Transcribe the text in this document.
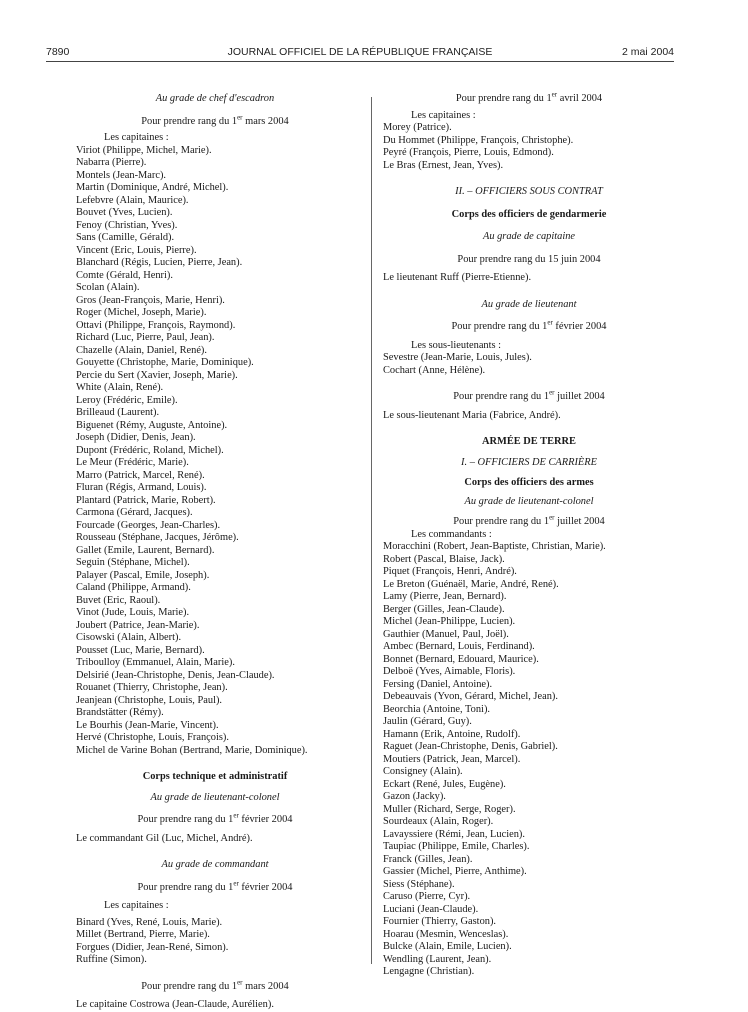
7890	JOURNAL OFFICIEL DE LA RÉPUBLIQUE FRANÇAISE	2 mai 2004
Au grade de chef d'escadron
Pour prendre rang du 1er mars 2004
Les capitaines :
Viriot (Philippe, Michel, Marie).
Nabarra (Pierre).
Montels (Jean-Marc).
Martin (Dominique, André, Michel).
Lefebvre (Alain, Maurice).
Bouvet (Yves, Lucien).
Fenoy (Christian, Yves).
Sans (Camille, Gérald).
Vincent (Eric, Louis, Pierre).
Blanchard (Régis, Lucien, Pierre, Jean).
Comte (Gérald, Henri).
Scolan (Alain).
Gros (Jean-François, Marie, Henri).
Roger (Michel, Joseph, Marie).
Ottavi (Philippe, François, Raymond).
Richard (Luc, Pierre, Paul, Jean).
Chazelle (Alain, Daniel, René).
Gouyette (Christophe, Marie, Dominique).
Percie du Sert (Xavier, Joseph, Marie).
White (Alain, René).
Leroy (Frédéric, Emile).
Brilleaud (Laurent).
Biguenet (Rémy, Auguste, Antoine).
Joseph (Didier, Denis, Jean).
Dupont (Frédéric, Roland, Michel).
Le Meur (Frédéric, Marie).
Marro (Patrick, Marcel, René).
Fluran (Régis, Armand, Louis).
Plantard (Patrick, Marie, Robert).
Carmona (Gérard, Jacques).
Fourcade (Georges, Jean-Charles).
Rousseau (Stéphane, Jacques, Jérôme).
Gallet (Emile, Laurent, Bernard).
Seguin (Stéphane, Michel).
Palayer (Pascal, Emile, Joseph).
Caland (Philippe, Armand).
Buvet (Eric, Raoul).
Vinot (Jude, Louis, Marie).
Joubert (Patrice, Jean-Marie).
Cisowski (Alain, Albert).
Pousset (Luc, Marie, Bernard).
Triboulloy (Emmanuel, Alain, Marie).
Delsirié (Jean-Christophe, Denis, Jean-Claude).
Rouanet (Thierry, Christophe, Jean).
Jeanjean (Christophe, Louis, Paul).
Brandstätter (Rémy).
Le Bourhis (Jean-Marie, Vincent).
Hervé (Christophe, Louis, François).
Michel de Varine Bohan (Bertrand, Marie, Dominique).
Corps technique et administratif
Au grade de lieutenant-colonel
Pour prendre rang du 1er février 2004
Le commandant Gil (Luc, Michel, André).
Au grade de commandant
Pour prendre rang du 1er février 2004
Les capitaines :
Binard (Yves, René, Louis, Marie).
Millet (Bertrand, Pierre, Marie).
Forgues (Didier, Jean-René, Simon).
Ruffine (Simon).
Pour prendre rang du 1er mars 2004
Le capitaine Costrowa (Jean-Claude, Aurélien).
Pour prendre rang du 1er avril 2004
Les capitaines :
Morey (Patrice).
Du Hommet (Philippe, François, Christophe).
Peyré (François, Pierre, Louis, Edmond).
Le Bras (Ernest, Jean, Yves).
II. – OFFICIERS SOUS CONTRAT
Corps des officiers de gendarmerie
Au grade de capitaine
Pour prendre rang du 15 juin 2004
Le lieutenant Ruff (Pierre-Etienne).
Au grade de lieutenant
Pour prendre rang du 1er février 2004
Les sous-lieutenants :
Sevestre (Jean-Marie, Louis, Jules).
Cochart (Anne, Hélène).
Pour prendre rang du 1er juillet 2004
Le sous-lieutenant Maria (Fabrice, André).
ARMÉE DE TERRE
I. – OFFICIERS DE CARRIÈRE
Corps des officiers des armes
Au grade de lieutenant-colonel
Pour prendre rang du 1er juillet 2004
Les commandants :
Moracchini (Robert, Jean-Baptiste, Christian, Marie).
Robert (Pascal, Blaise, Jack).
Piquet (François, Henri, André).
Le Breton (Guénaël, Marie, André, René).
Lamy (Pierre, Jean, Bernard).
Berger (Gilles, Jean-Claude).
Michel (Jean-Philippe, Lucien).
Gauthier (Manuel, Paul, Joël).
Ambec (Bernard, Louis, Ferdinand).
Bonnet (Bernard, Edouard, Maurice).
Delboë (Yves, Aimable, Floris).
Fersing (Daniel, Antoine).
Debeauvais (Yvon, Gérard, Michel, Jean).
Beorchia (Antoine, Toni).
Jaulin (Gérard, Guy).
Hamann (Erik, Antoine, Rudolf).
Raguet (Jean-Christophe, Denis, Gabriel).
Moutiers (Patrick, Jean, Marcel).
Consigney (Alain).
Eckart (René, Jules, Eugène).
Gazon (Jacky).
Muller (Richard, Serge, Roger).
Sourdeaux (Alain, Roger).
Lavayssiere (Rémi, Jean, Lucien).
Taupiac (Philippe, Emile, Charles).
Franck (Gilles, Jean).
Gassier (Michel, Pierre, Anthime).
Siess (Stéphane).
Caruso (Pierre, Cyr).
Luciani (Jean-Claude).
Fournier (Thierry, Gaston).
Hoarau (Mesmin, Wenceslas).
Bulcke (Alain, Emile, Lucien).
Wendling (Laurent, Jean).
Lengagne (Christian).
